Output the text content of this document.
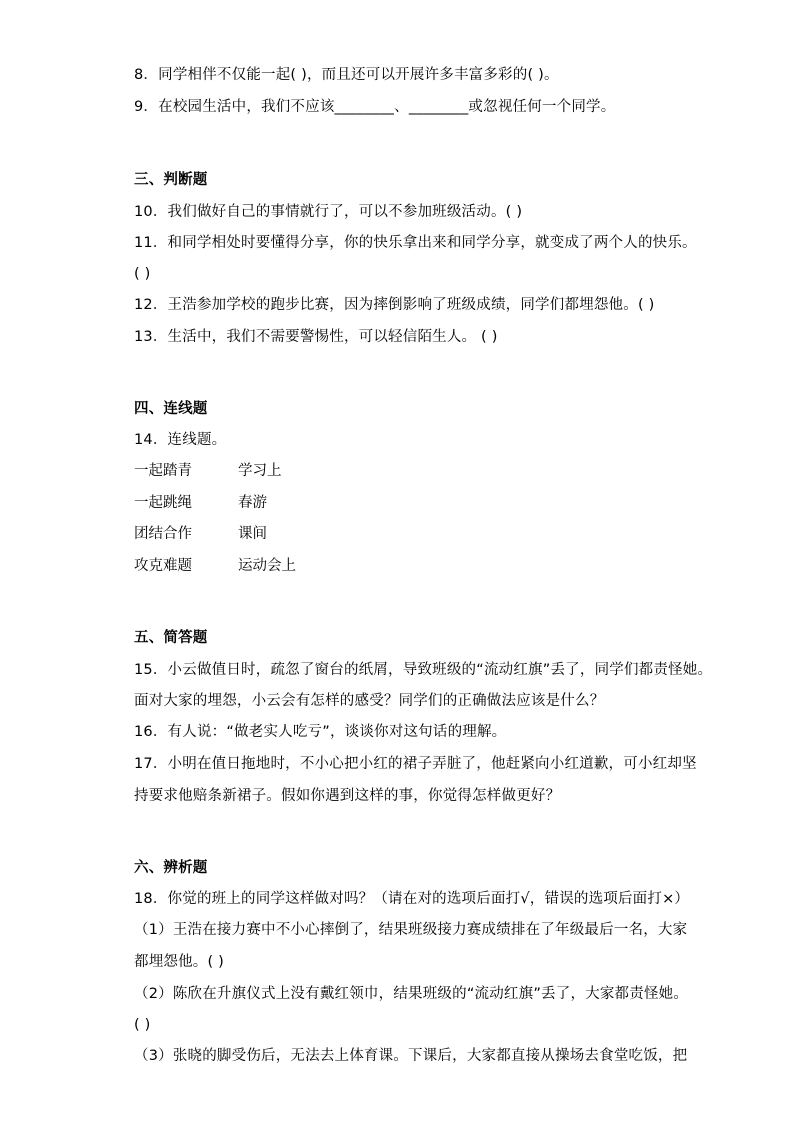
8．同学相伴不仅能一起( )，而且还可以开展许多丰富多彩的( )。
9．在校园生活中，我们不应该________、________或忽视任何一个同学。
三、判断题
10．我们做好自己的事情就行了，可以不参加班级活动。( )
11．和同学相处时要懂得分享，你的快乐拿出来和同学分享，就变成了两个人的快乐。
( )
12．王浩参加学校的跑步比赛，因为摔倒影响了班级成绩，同学们都埋怨他。( )
13．生活中，我们不需要警惕性，可以轻信陌生人。 ( )
四、连线题
14．连线题。
一起踏青	学习上
一起跳绳	春游
团结合作	课间
攻克难题	运动会上
五、简答题
15．小云做值日时，疏忽了窗台的纸屑，导致班级的“流动红旗”丢了，同学们都责怪她。
面对大家的埋怨，小云会有怎样的感受？同学们的正确做法应该是什么？
16．有人说：“做老实人吃亏”，谈谈你对这句话的理解。
17．小明在值日拖地时，不小心把小红的裙子弄脏了，他赶紧向小红道歉，可小红却坚
持要求他赔条新裙子。假如你遇到这样的事，你觉得怎样做更好？
六、辨析题
18．你觉的班上的同学这样做对吗？（请在对的选项后面打√，错误的选项后面打×）
（1）王浩在接力赛中不小心摔倒了，结果班级接力赛成绩排在了年级最后一名，大家
都埋怨他。( )
（2）陈欣在升旗仪式上没有戴红领巾，结果班级的“流动红旗”丢了，大家都责怪她。
( )
（3）张晓的脚受伤后，无法去上体育课。下课后，大家都直接从操场去食堂吃饭，把
